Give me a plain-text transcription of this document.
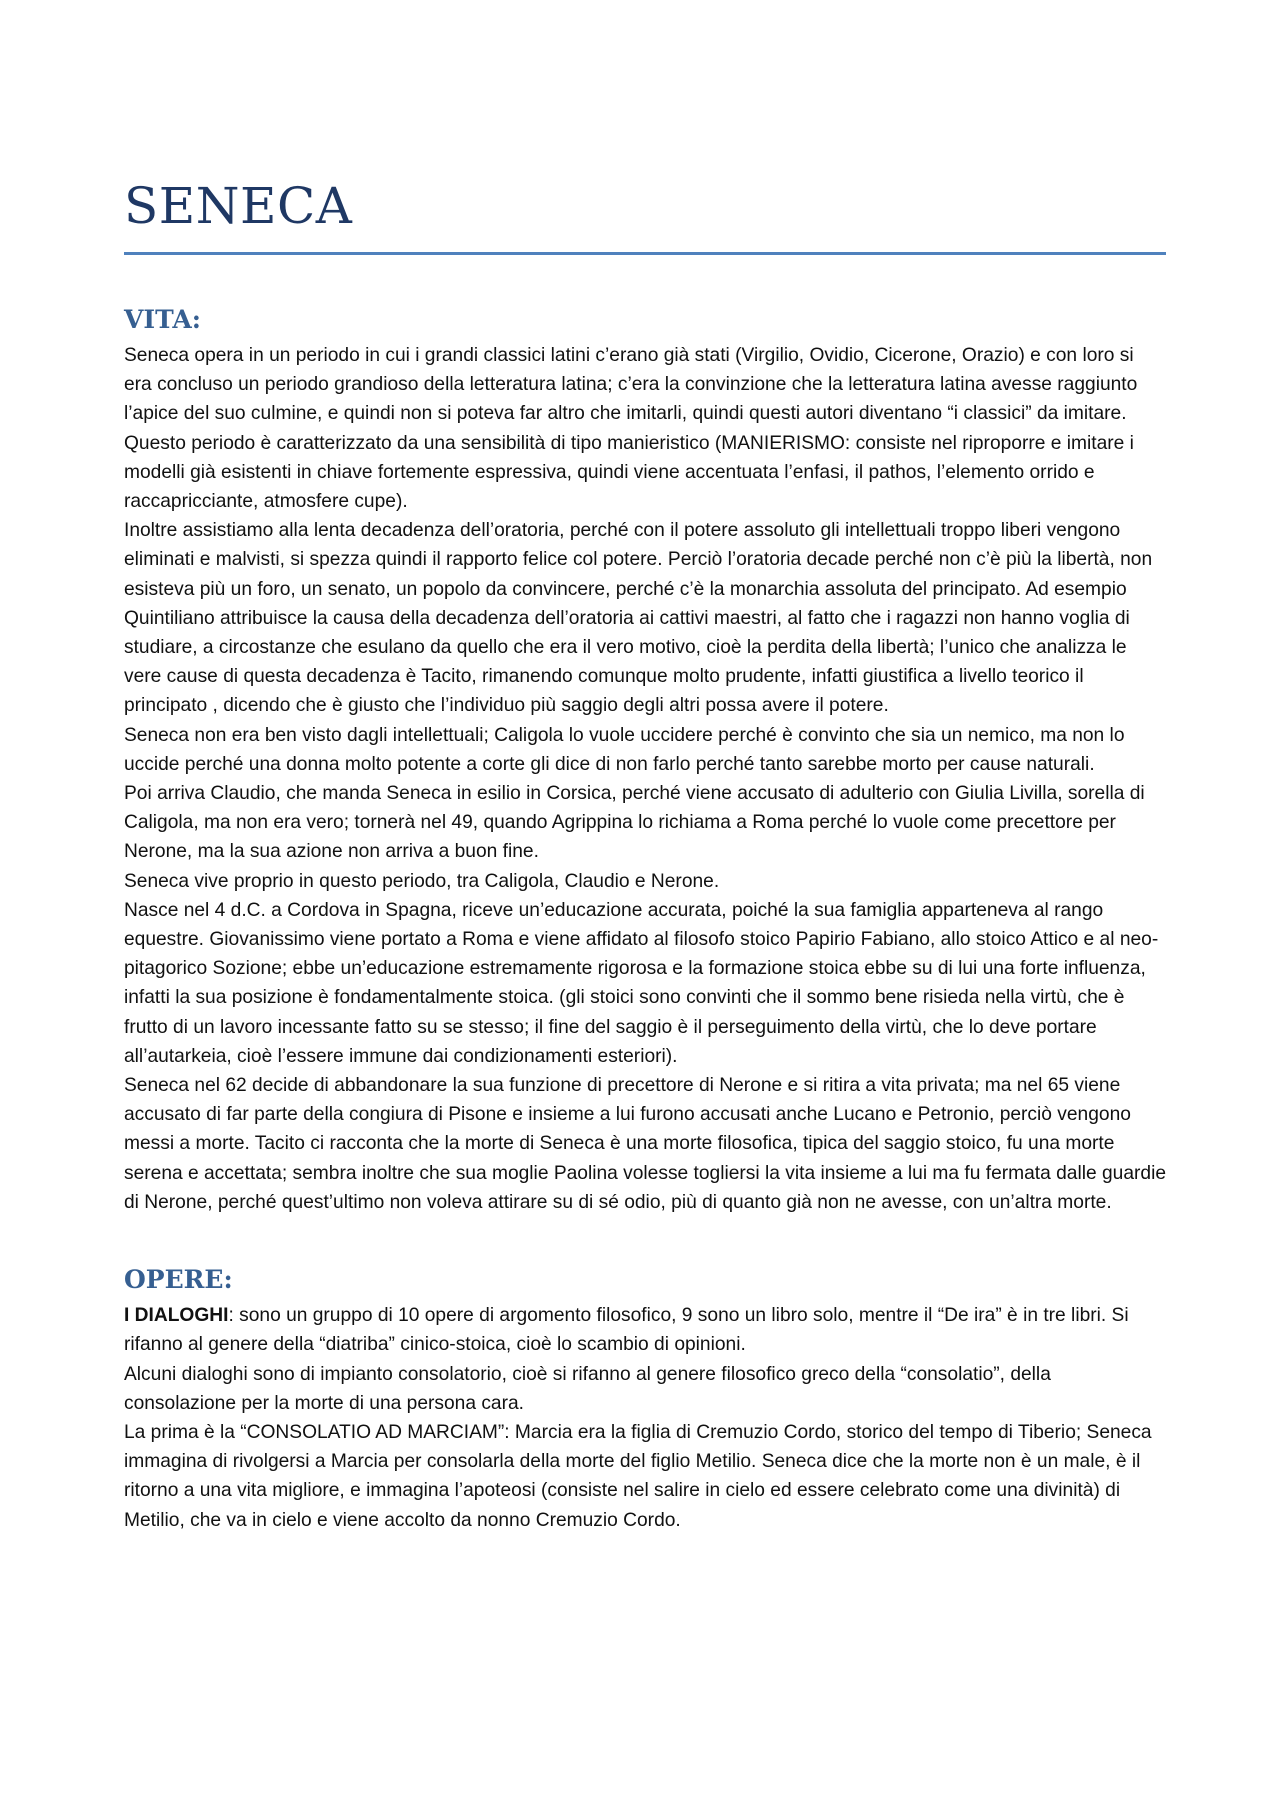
SENECA
VITA:

Seneca opera in un periodo in cui i grandi classici latini c’erano già stati (Virgilio, Ovidio, Cicerone, Orazio) e con loro si era concluso un periodo grandioso della letteratura latina; c’era la convinzione che la letteratura latina avesse raggiunto l’apice del suo culmine, e quindi non si poteva far altro che imitarli, quindi questi autori diventano “i classici” da imitare. Questo periodo è caratterizzato da una sensibilità di tipo manieristico (MANIERISMO: consiste nel riproporre e imitare i modelli già esistenti in chiave fortemente espressiva, quindi viene accentuata l’enfasi, il pathos, l’elemento orrido e raccapricciante, atmosfere cupe).

Inoltre assistiamo alla lenta decadenza dell’oratoria, perché con il potere assoluto gli intellettuali troppo liberi vengono eliminati e malvisti, si spezza quindi il rapporto felice col potere. Perciò l’oratoria decade perché non c’è più la libertà, non esisteva più un foro, un senato, un popolo da convincere, perché c’è la monarchia assoluta del principato. Ad esempio Quintiliano attribuisce la causa della decadenza dell’oratoria ai cattivi maestri, al fatto che i ragazzi non hanno voglia di studiare, a circostanze che esulano da quello che era il vero motivo, cioè la perdita della libertà; l’unico che analizza le vere cause di questa decadenza è Tacito, rimanendo comunque molto prudente, infatti giustifica a livello teorico il principato , dicendo che è giusto che l’individuo più saggio degli altri possa avere il potere.

Seneca non era ben visto dagli intellettuali; Caligola lo vuole uccidere perché è convinto che sia un nemico, ma non lo uccide perché una donna molto potente a corte gli dice di non farlo perché tanto sarebbe morto per cause naturali.

Poi arriva Claudio, che manda Seneca in esilio in Corsica, perché viene accusato di adulterio con Giulia Livilla, sorella di Caligola, ma non era vero; tornerà nel 49, quando Agrippina lo richiama a Roma perché lo vuole come precettore per Nerone, ma la sua azione non arriva a buon fine.

Seneca vive proprio in questo periodo, tra Caligola, Claudio e Nerone.

Nasce nel 4 d.C. a Cordova in Spagna, riceve un’educazione accurata, poiché la sua famiglia apparteneva al rango equestre. Giovanissimo viene portato a Roma e viene affidato al filosofo stoico Papirio Fabiano, allo stoico Attico e al neo-pitagorico Sozione; ebbe un’educazione estremamente rigorosa e la formazione stoica ebbe su di lui una forte influenza, infatti la sua posizione è fondamentalmente stoica. (gli stoici sono convinti che il sommo bene risieda nella virtù, che è frutto di un lavoro incessante fatto su se stesso; il fine del saggio è il perseguimento della virtù, che lo deve portare all’autarkeia, cioè l’essere immune dai condizionamenti esteriori).

Seneca nel 62 decide di abbandonare la sua funzione di precettore di Nerone e si ritira a vita privata; ma nel 65 viene accusato di far parte della congiura di Pisone e insieme a lui furono accusati anche Lucano e Petronio, perciò vengono messi a morte. Tacito ci racconta che la morte di Seneca è una morte filosofica, tipica del saggio stoico, fu una morte serena e accettata; sembra inoltre che sua moglie Paolina volesse togliersi la vita insieme a lui ma fu fermata dalle guardie di Nerone, perché quest’ultimo non voleva attirare su di sé odio, più di quanto già non ne avesse, con un’altra morte.

OPERE:

I DIALOGHI: sono un gruppo di 10 opere di argomento filosofico, 9 sono un libro solo, mentre il “De ira” è in tre libri. Si rifanno al genere della “diatriba” cinico-stoica, cioè lo scambio di opinioni.

Alcuni dialoghi sono di impianto consolatorio, cioè si rifanno al genere filosofico greco della “consolatio”, della consolazione per la morte di una persona cara.

La prima è la “CONSOLATIO AD MARCIAM”: Marcia era la figlia di Cremuzio Cordo, storico del tempo di Tiberio; Seneca immagina di rivolgersi a Marcia per consolarla della morte del figlio Metilio. Seneca dice che la morte non è un male, è il ritorno a una vita migliore, e immagina l’apoteosi (consiste nel salire in cielo ed essere celebrato come una divinità) di Metilio, che va in cielo e viene accolto da nonno Cremuzio Cordo.
